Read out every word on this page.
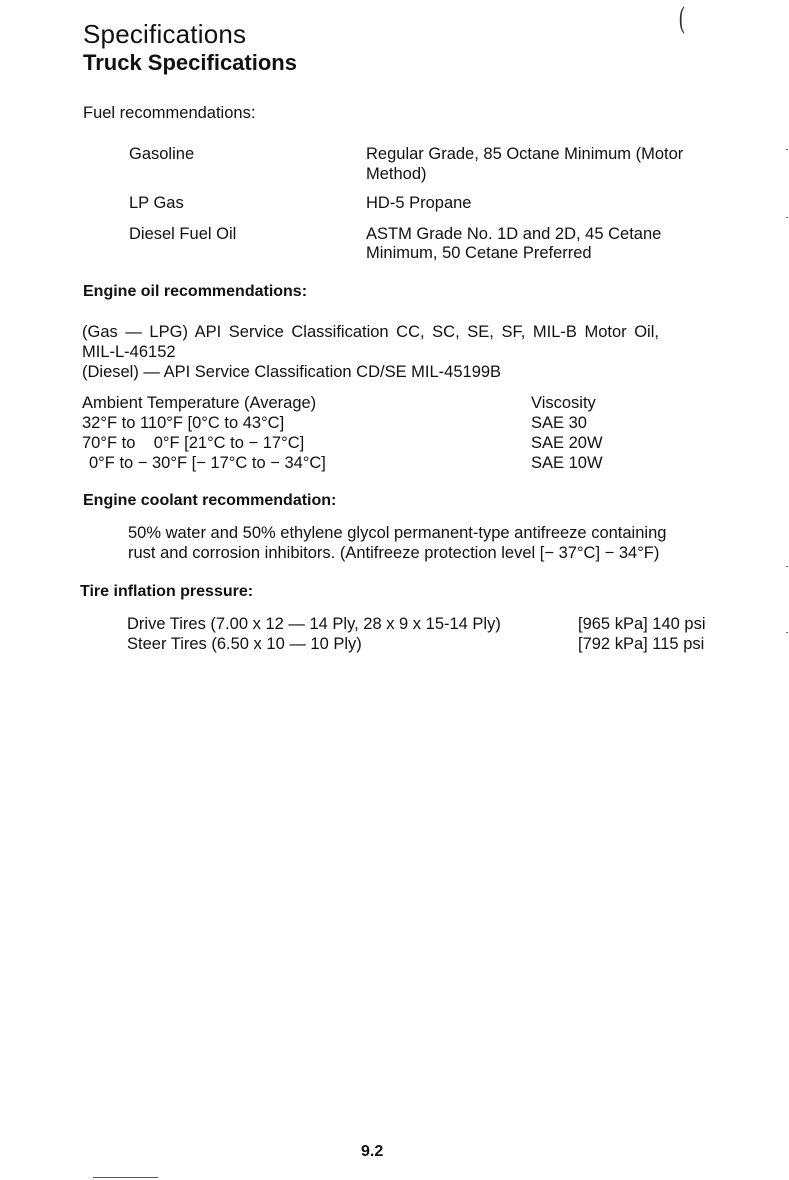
(
Specifications
Truck Specifications
Fuel recommendations:
Gasoline	Regular Grade, 85 Octane Minimum (Motor
Method)
LP Gas	HD-5 Propane
Diesel Fuel Oil	ASTM Grade No. 1D and 2D, 45 Cetane
Minimum, 50 Cetane Preferred
Engine oil recommendations:
(Gas — LPG) API Service Classification CC, SC, SE, SF, MIL-B Motor Oil,
MIL-L-46152
(Diesel) — API Service Classification CD/SE MIL-45199B
Ambient Temperature (Average)	Viscosity
32°F to 110°F [0°C to 43°C]	SAE 30
70°F to    0°F [21°C to − 17°C]	SAE 20W
0°F to − 30°F [− 17°C to − 34°C]	SAE 10W
Engine coolant recommendation:
50% water and 50% ethylene glycol permanent-type antifreeze containing
rust and corrosion inhibitors. (Antifreeze protection level [− 37°C] − 34°F)
Tire inflation pressure:
Drive Tires (7.00 x 12 — 14 Ply, 28 x 9 x 15-14 Ply)	[965 kPa] 140 psi
Steer Tires (6.50 x 10 — 10 Ply)	[792 kPa] 115 psi
9.2
